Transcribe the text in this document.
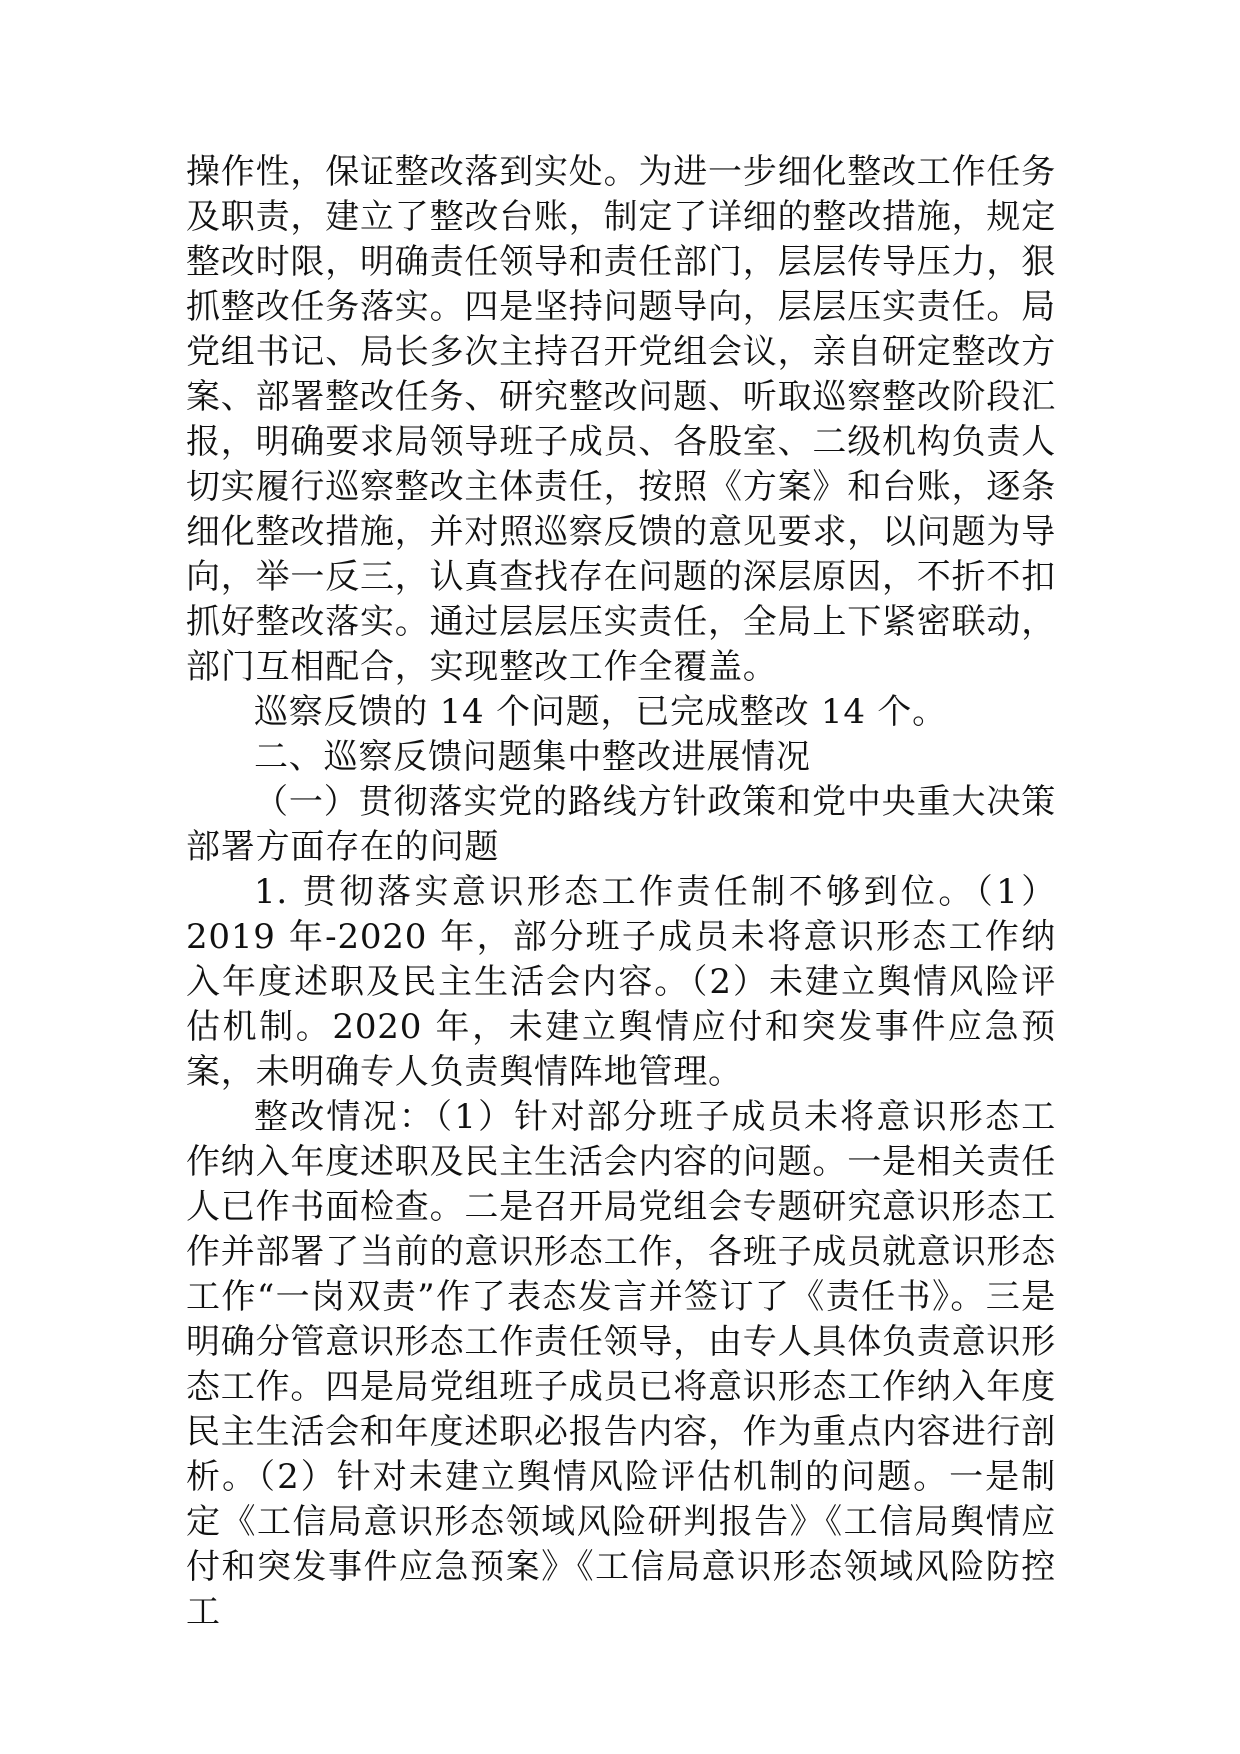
操作性，保证整改落到实处。为进一步细化整改工作任务及职责，建立了整改台账，制定了详细的整改措施，规定整改时限，明确责任领导和责任部门，层层传导压力，狠抓整改任务落实。四是坚持问题导向，层层压实责任。局党组书记、局长多次主持召开党组会议，亲自研定整改方案、部署整改任务、研究整改问题、听取巡察整改阶段汇报，明确要求局领导班子成员、各股室、二级机构负责人切实履行巡察整改主体责任，按照《方案》和台账，逐条细化整改措施，并对照巡察反馈的意见要求，以问题为导向，举一反三，认真查找存在问题的深层原因，不折不扣抓好整改落实。通过层层压实责任，全局上下紧密联动，部门互相配合，实现整改工作全覆盖。

巡察反馈的 14 个问题，已完成整改 14 个。

二、巡察反馈问题集中整改进展情况

（一）贯彻落实党的路线方针政策和党中央重大决策部署方面存在的问题

1. 贯彻落实意识形态工作责任制不够到位。（1）2019 年-2020 年，部分班子成员未将意识形态工作纳入年度述职及民主生活会内容。（2）未建立舆情风险评估机制。2020 年，未建立舆情应付和突发事件应急预案，未明确专人负责舆情阵地管理。

整改情况：（1）针对部分班子成员未将意识形态工作纳入年度述职及民主生活会内容的问题。一是相关责任人已作书面检查。二是召开局党组会专题研究意识形态工作并部署了当前的意识形态工作，各班子成员就意识形态工作“一岗双责”作了表态发言并签订了《责任书》。三是明确分管意识形态工作责任领导，由专人具体负责意识形态工作。四是局党组班子成员已将意识形态工作纳入年度民主生活会和年度述职必报告内容，作为重点内容进行剖析。（2）针对未建立舆情风险评估机制的问题。一是制定《工信局意识形态领域风险研判报告》《工信局舆情应付和突发事件应急预案》《工信局意识形态领域风险防控工
